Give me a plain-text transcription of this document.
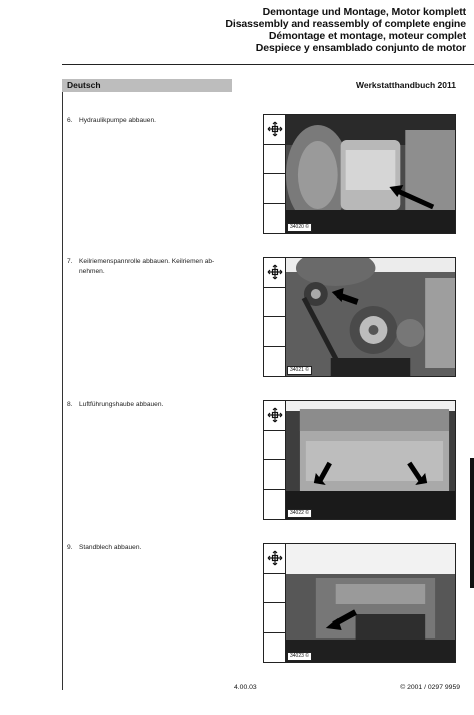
Demontage und Montage, Motor komplett
Disassembly and reassembly of complete engine
Démontage et montage, moteur complet
Despiece y ensamblado conjunto de motor
Deutsch	Werkstatthandbuch 2011
6. Hydraulikpumpe abbauen.
7. Keilriemenspannrolle abbauen. Keilriemen ab-
nehmen.
8. Luftführungshaube abbauen.
9. Standblech abbauen.
34020 ©
34021 ©
34022 ©
34023 ©
4.00.03	© 2001 / 0297 9959
